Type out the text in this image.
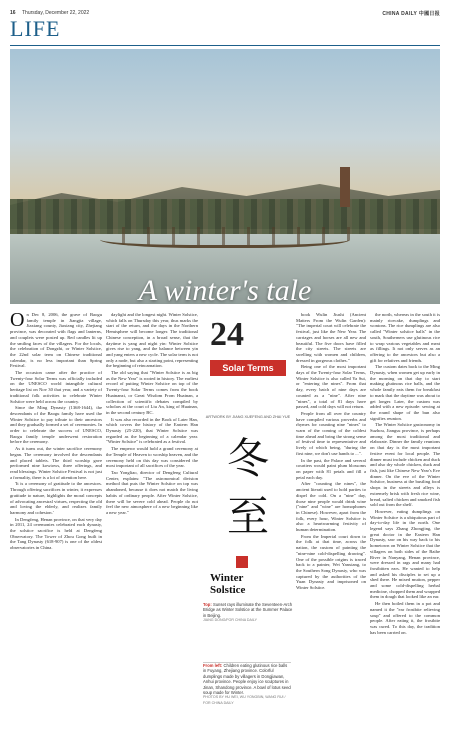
16 Thursday, December 22, 2022	CHINA DAILY 中國日报
LIFE
A winter's tale

On Dec 8, 2006, the grave of Baogu family temple in Jiangjia village, Jiaxiang county, Jiaxiang city, Zhejiang province, was decorated with flags and lanterns, and couplets were posted up. Red candles lit up the smiling faces of the villagers. For the locals, the celebration of Dongzhi, or Winter Solstice, the 22nd solar term on Chinese traditional calendar, is no less important than Spring Festival.

The occasion came after the practice of Twenty-four Solar Terms was officially included on the UNESCO world intangible cultural heritage list on Nov 30 that year, and a variety of traditional folk activities to celebrate Winter Solstice were held across the country.

Since the Ming Dynasty (1368-1644), the descendants of the Baogu family have used the Winter Solstice to pay tribute to their ancestors and they gradually formed a set of ceremonies. In order to celebrate the success of UNESCO, Baogu family temple underwent restoration before the ceremony.

As it turns out, the winter sacrifice ceremony began. The ceremony involved the descendants and placed tablets. The third worship gave performed nine kowtows, three offerings, and read blessings. Winter Solstice Festival is not just a formality, there is a lot of attention here.

'It is a ceremony of gratitude to the ancestors. Through offering sacrifices in winter, it expresses gratitude to nature, highlights the moral concepts of advocating ancestral virtues, respecting the old and loving the elderly, and realizes family harmony and cohesion.'

In Dengfeng, Henan province, on that very day in 2011, 24 ceremonies celebrated each dynasty, the solstice sacrifice is held at Dengfeng Observatory. The Tower of Zhou Gong built in the Tang Dynasty (618-907) is one of the oldest observatories in China.

daylight and the longest night. Winter Solstice, which falls on Thursday this year, thus marks the start of the return, and the days in the Northern Hemisphere will become longer. The traditional Chinese conception, in a broad sense, that the daytime is yang and night yin: Winter Solstice gives rise to yang, and the balance between yin and yang enters a new cycle. The solar term is not only a node, but also a starting point, representing the beginning of reincarnation.

The old saying that "Winter Solstice is as big as the New Year" is rooted in history. The earliest record of putting Winter Solstice on top of the Twenty-four Solar Terms comes from the book Huainanzi, or Great Wisdom From Huainan, a collection of scientific debates compiled by scholars at the court of Liu An, king of Huainan, in the second century BC.

It was also recorded in the Book of Later Han, which covers the history of the Eastern Han Dynasty (25-220), that Winter Solstice was regarded as the beginning of a calendar year. "Winter Solstice" is celebrated as a festival.

The emperor would hold a grand ceremony at the Temple of Heaven to worship heaven, and the ceremony held on this day was considered the most important of all sacrifices of the year.

Tao Yongliao, director of Dengfeng Cultural Center, explains: "The astronomical division method that puts the Winter Solstice on top was abandoned, because it does not match the living habits of ordinary people. After Winter Solstice, there will be severe cold ahead. People do not feel the new atmosphere of a new beginning like a new year."

24
Solar Terms
ARTWORK BY JIANG XUEFENG AND ZHAI YUE
冬
至
Winter
Solstice
Top: Sunset rays illuminate the Seventeen-Arch Bridge as Winter Solstice at the Summer Palace in Beijing.
JIANG DONG/FOR CHINA DAILY
From left: Children eating glutinous rice balls in Fuyang, Zhejiang province. Colorful dumplings made by villagers in Dongjiawan, Anhui province. People enjoy ice sculptures in Jinan, Shandong province. A bowl of lotus seed soup made for Winter.
PHOTOS BY HU WEI, WU YONGBIN, WANG RUI / FOR CHINA DAILY

book Wulin Jiushi (Ancient Matters From the Wulin Garden): "The imperial court will celebrate the festival, just like the New Year. The carriages and horses are all new and beautiful. The five doors have filled the city streets. The streets are swelling with women and children, dressed in gorgeous clothes."

Being one of the most important days of the Twenty-four Solar Terms, Winter Solstice is also called Ya Sui, or "entering the nines". From that day, every batch of nine days are counted as a "nine". After nine "nines", a total of 81 days have passed, and cold days will not return.

People from all over the country have compiled various proverbs and rhymes for counting nine "nines" to warn of the coming of the coldest time ahead and bring the strong sense of festival time to representative and lively of which being, "during the first nine, we don't use hands to ...".

In the past, the Palace and several courtiers would paint plum blossoms on paper with 81 petals and fill a petal each day.

After "counting the nines", the ancient literati used to hold parties to dispel the cold. On a "nine" day, those nine people would drink wine ("nine" and "wine" are homophones in Chinese). However, apart from the folk, every hour, Winter Solstice is also a heartwarming festivity of human determination.

From the Imperial court down to the folk at that time, across the nation, the custom of painting the "nine-nine cold-dispelling drawing". One of the possible origins is traced back to a painter, Wei Yanxiang, to the Southern Song Dynasty, who was captured by the authorities of the Yuan Dynasty and imprisoned on Winter Solstice.

the north, whereas in the south it is mainly ricecake, dumplings and wontons. The rice dumplings are also called "Winter solstice balls" in the south, Southerners use glutinous rice to wrap various vegetables and meat as fillings. It not only serves as an offering to the ancestors but also a gift for relatives and friends.

The custom dates back to the Ming Dynasty, when women get up early in the morning on that day to start making glutinous rice balls, and the whole family eats them for breakfast to mark that the daytime was about to get longer. Later, the custom was added with a new episode: sewing at the round shape of the bun also signifies reunion.

The Winter Solstice gastronomy in Suzhou, Jiangsu province, is perhaps among the most traditional and elaborate. Dinner the family reunions on that day is the most important festive event for local people. The dinner must include chicken and duck and also dry whole chicken, duck and fish, just like Chinese New Year's Eve dinner. On the eve of the Winter Solstice, business at the bustling food shops in the streets and alleys is extremely brisk with fresh rice wine, bread, salted chicken and smoked fish sold out from the shelf.

However, eating dumplings on Winter Solstice is a ubiquitous part of day-to-day life in the north. One legend says Zhang Zhongjing, the great doctor in the Eastern Han Dynasty, saw on his way back to his hometown on Winter Solstice that the villagers on both sides of the Baihe River in Nanyang, Henan province, were dressed in rags and many had frostbitten ears. He wanted to help and asked his disciples to set up a shed there. He mixed mutton, pepper and some cold-dispelling herbal medicine, chopped them and wrapped them in dough that looked like an ear.

He then boiled them in a pot and named it the "ear frostbite relieving soup" and offered to the common people. After eating it, the frostbite was cured. To this day, the tradition has been carried on.
